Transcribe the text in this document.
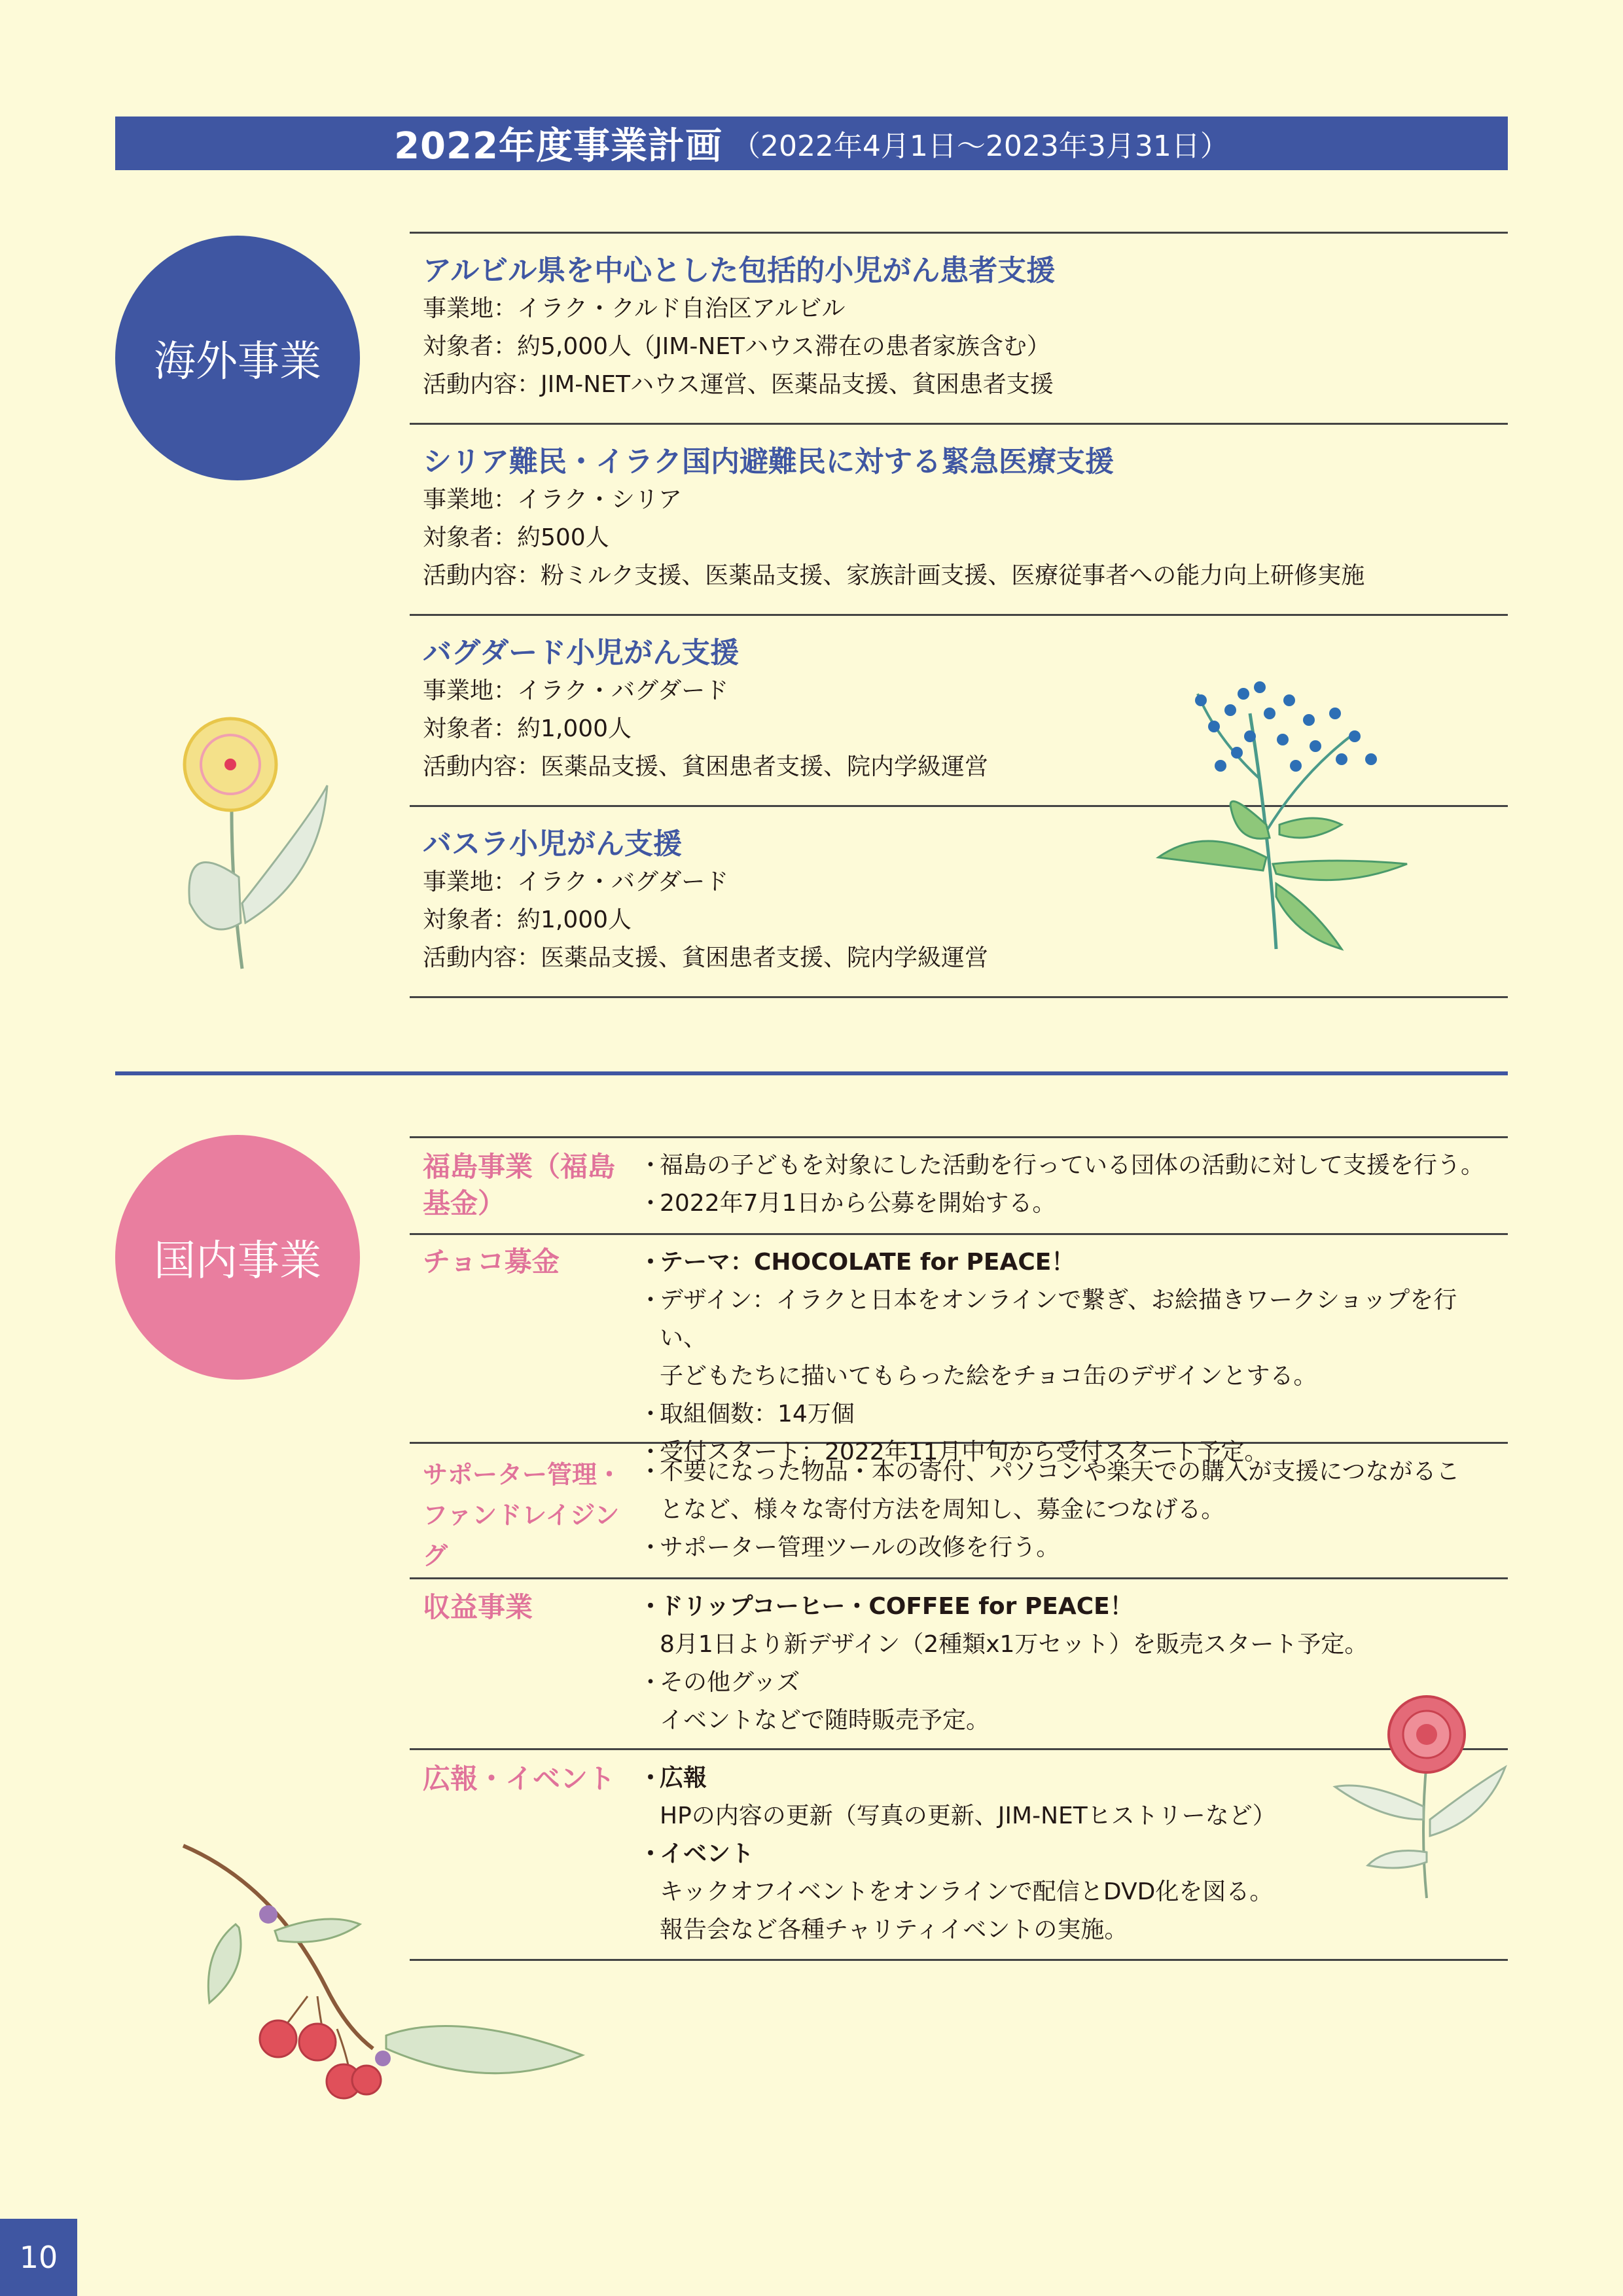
2022年度事業計画 （2022年4月1日～2023年3月31日）
海外事業
アルビル県を中心とした包括的小児がん患者支援
事業地：イラク・クルド自治区アルビル
対象者：約5,000人（JIM-NETハウス滞在の患者家族含む）
活動内容：JIM-NETハウス運営、医薬品支援、貧困患者支援
シリア難民・イラク国内避難民に対する緊急医療支援
事業地：イラク・シリア
対象者：約500人
活動内容：粉ミルク支援、医薬品支援、家族計画支援、医療従事者への能力向上研修実施
バグダード小児がん支援
事業地：イラク・バグダード
対象者：約1,000人
活動内容：医薬品支援、貧困患者支援、院内学級運営
バスラ小児がん支援
事業地：イラク・バグダード
対象者：約1,000人
活動内容：医薬品支援、貧困患者支援、院内学級運営
国内事業
福島事業（福島基金）
・
福島の子どもを対象にした活動を行っている団体の活動に対して支援を行う。
・
2022年7月1日から公募を開始する。
チョコ募金	・
テーマ：CHOCOLATE for PEACE！
・
デザイン：イラクと日本をオンラインで繋ぎ、お絵描きワークショップを行い、
子どもたちに描いてもらった絵をチョコ缶のデザインとする。
・
取組個数：14万個
・
受付スタート：2022年11月中旬から受付スタート予定。
サポーター管理・
ファンドレイジング
・
不要になった物品・本の寄付、パソコンや楽天での購入が支援につながるこ
となど、様々な寄付方法を周知し、募金につなげる。
・
サポーター管理ツールの改修を行う。
収益事業	・
ドリップコーヒー・COFFEE for PEACE！
8月1日より新デザイン（2種類x1万セット）を販売スタート予定。
・
その他グッズ
イベントなどで随時販売予定。
広報・イベント ・
広報
HPの内容の更新（写真の更新、JIM-NETヒストリーなど）
・
イベント
キックオフイベントをオンラインで配信とDVD化を図る。
報告会など各種チャリティイベントの実施。
10
